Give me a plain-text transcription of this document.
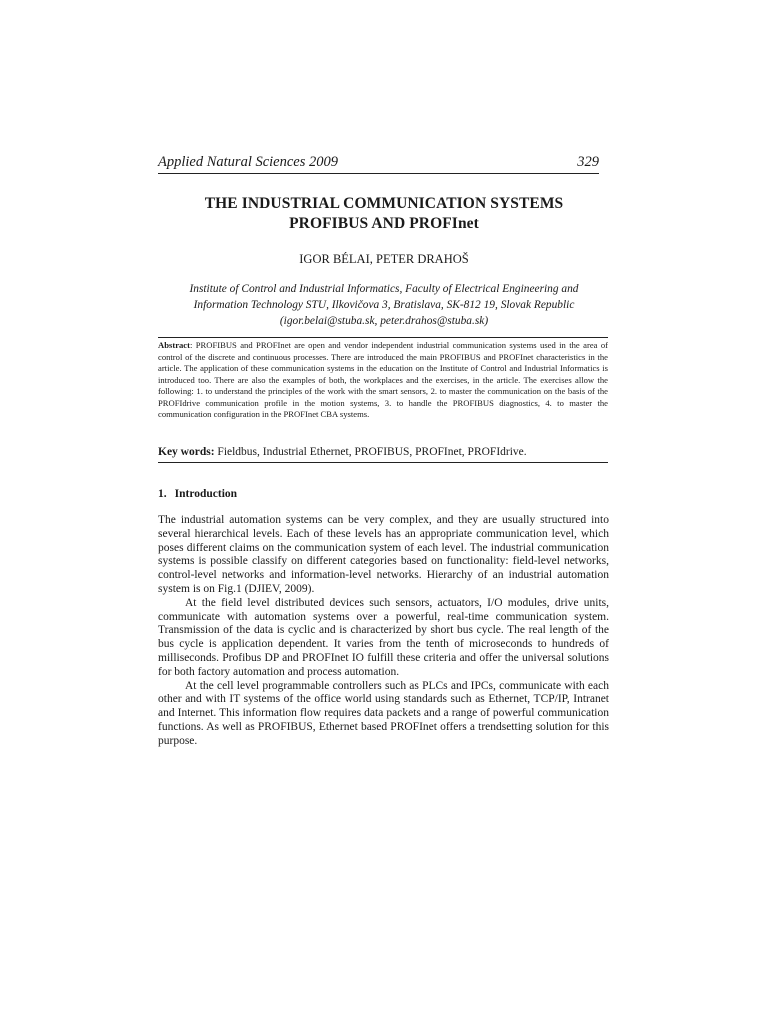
Applied Natural Sciences 2009	329
THE INDUSTRIAL COMMUNICATION SYSTEMS
PROFIBUS AND PROFInet
IGOR BÉLAI, PETER DRAHOŠ
Institute of Control and Industrial Informatics, Faculty of Electrical Engineering and
Information Technology STU, Ilkovičova 3, Bratislava, SK-812 19, Slovak Republic
(igor.belai@stuba.sk, peter.drahos@stuba.sk)
Abstract: PROFIBUS and PROFInet are open and vendor independent industrial communication systems used in the area of control of the discrete and continuous processes. There are introduced the main PROFIBUS and PROFInet characteristics in the article. The application of these communication systems in the education on the Institute of Control and Industrial Informatics is introduced too. There are also the examples of both, the workplaces and the exercises, in the article. The exercises allow the following: 1. to understand the principles of the work with the smart sensors, 2. to master the communication on the basis of the PROFIdrive communication profile in the motion systems, 3. to handle the PROFIBUS diagnostics, 4. to master the communication configuration in the PROFInet CBA systems.
Key words: Fieldbus, Industrial Ethernet, PROFIBUS, PROFInet, PROFIdrive.
1. Introduction

The industrial automation systems can be very complex, and they are usually structured into several hierarchical levels. Each of these levels has an appropriate communication level, which poses different claims on the communication system of each level. The industrial communication systems is possible classify on different categories based on functionality: field-level networks, control-level networks and information-level networks. Hierarchy of an industrial automation system is on Fig.1 (DJIEV, 2009).

At the field level distributed devices such sensors, actuators, I/O modules, drive units, communicate with automation systems over a powerful, real-time communication system. Transmission of the data is cyclic and is characterized by short bus cycle. The real length of the bus cycle is application dependent. It varies from the tenth of microseconds to hundreds of milliseconds. Profibus DP and PROFInet IO fulfill these criteria and offer the universal solutions for both factory automation and process automation.

At the cell level programmable controllers such as PLCs and IPCs, communicate with each other and with IT systems of the office world using standards such as Ethernet, TCP/IP, Intranet and Internet. This information flow requires data packets and a range of powerful communication functions. As well as PROFIBUS, Ethernet based PROFInet offers a trendsetting solution for this purpose.
